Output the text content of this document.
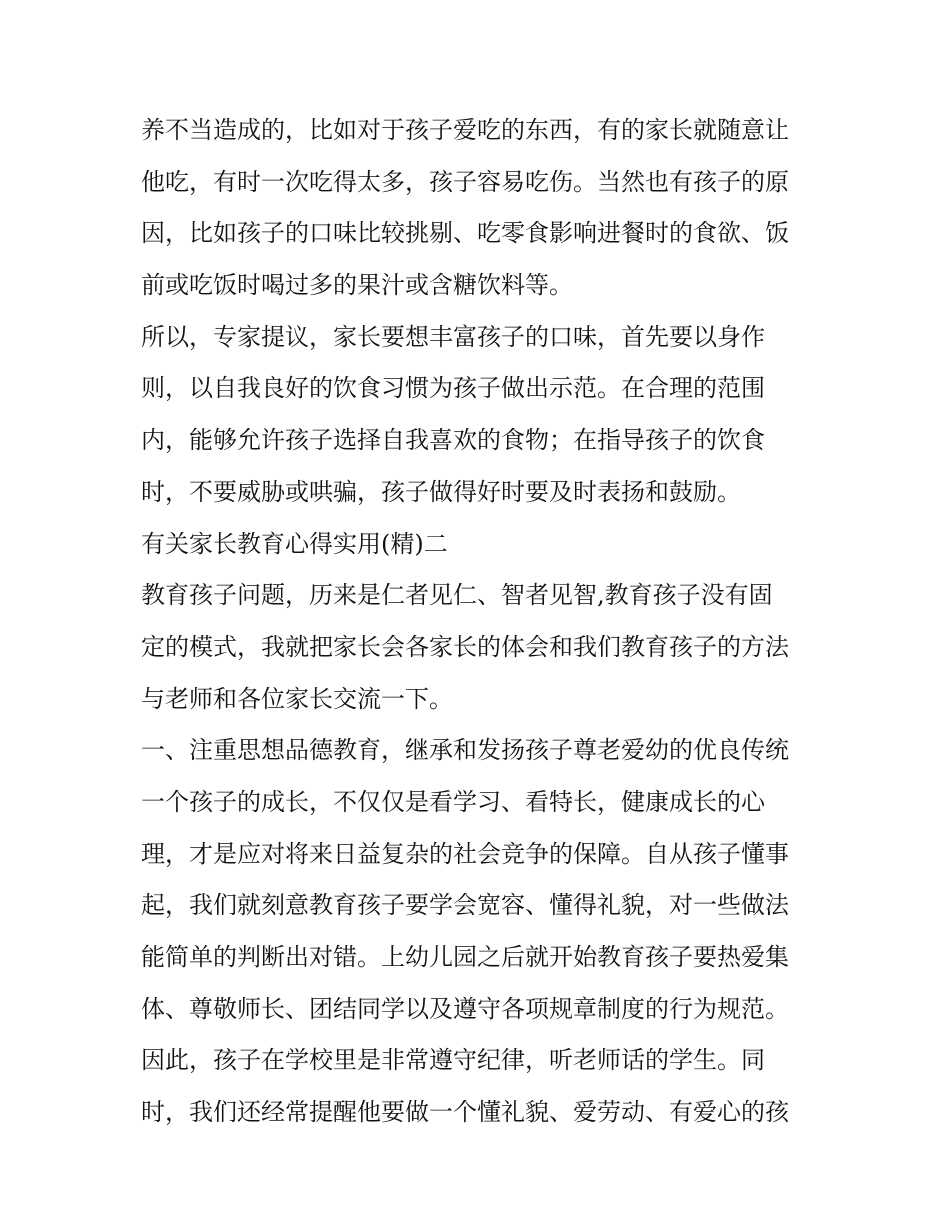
养不当造成的，比如对于孩子爱吃的东西，有的家长就随意让
他吃，有时一次吃得太多，孩子容易吃伤。当然也有孩子的原
因，比如孩子的口味比较挑剔、吃零食影响进餐时的食欲、饭
前或吃饭时喝过多的果汁或含糖饮料等。
所以，专家提议，家长要想丰富孩子的口味，首先要以身作
则，以自我良好的饮食习惯为孩子做出示范。在合理的范围
内，能够允许孩子选择自我喜欢的食物；在指导孩子的饮食
时，不要威胁或哄骗，孩子做得好时要及时表扬和鼓励。
有关家长教育心得实用(精)二
教育孩子问题，历来是仁者见仁、智者见智,教育孩子没有固
定的模式，我就把家长会各家长的体会和我们教育孩子的方法
与老师和各位家长交流一下。
一、注重思想品德教育，继承和发扬孩子尊老爱幼的优良传统
一个孩子的成长，不仅仅是看学习、看特长，健康成长的心
理，才是应对将来日益复杂的社会竞争的保障。自从孩子懂事
起，我们就刻意教育孩子要学会宽容、懂得礼貌，对一些做法
能简单的判断出对错。上幼儿园之后就开始教育孩子要热爱集
体、尊敬师长、团结同学以及遵守各项规章制度的行为规范。
因此，孩子在学校里是非常遵守纪律，听老师话的学生。同
时，我们还经常提醒他要做一个懂礼貌、爱劳动、有爱心的孩
